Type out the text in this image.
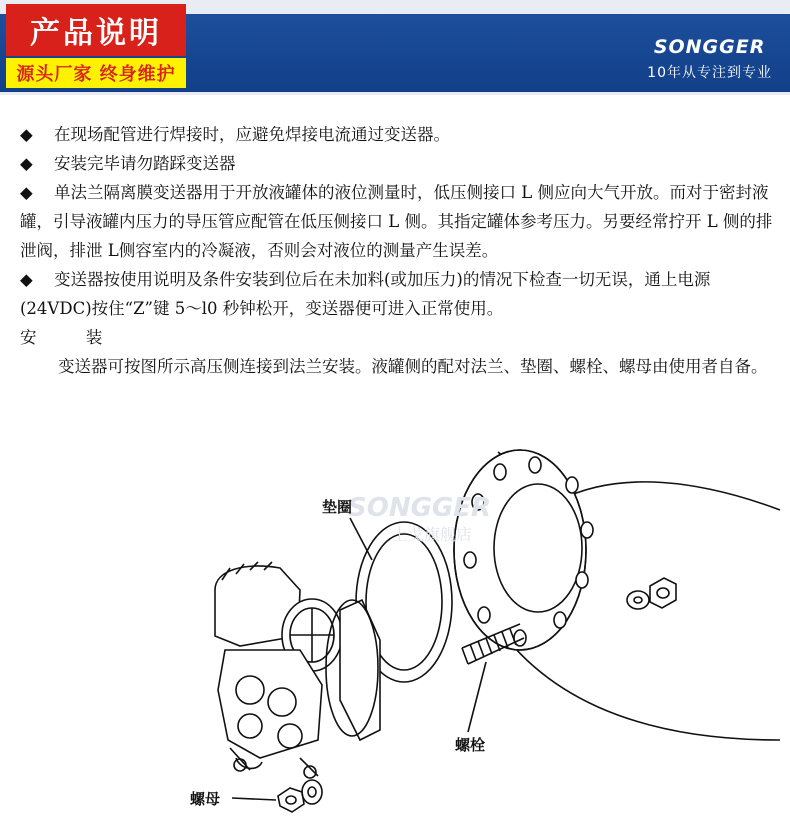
产品说明
源头厂家 终身维护
SONGGER
10年从专注到专业

◆ 在现场配管进行焊接时，应避免焊接电流通过变送器。

◆ 安装完毕请勿踏踩变送器

◆ 单法兰隔离膜变送器用于开放液罐体的液位测量时，低压侧接口 L 侧应向大气开放。而对于密封液罐，引导液罐内压力的导压管应配管在低压侧接口 L 侧。其指定罐体参考压力。另要经常拧开 L 侧的排泄阀，排泄 L侧容室内的冷凝液，否则会对液位的测量产生误差。

◆ 变送器按使用说明及条件安装到位后在未加料(或加压力)的情况下检查一切无误，通上电源(24VDC)按住“Z”键 5～l0 秒钟松开，变送器便可进入正常使用。

安 装

变送器可按图所示高压侧连接到法兰安装。液罐侧的配对法兰、垫圈、螺栓、螺母由使用者自备。

SONGGER
上戈旗舰店
垫圈
螺栓
螺母
